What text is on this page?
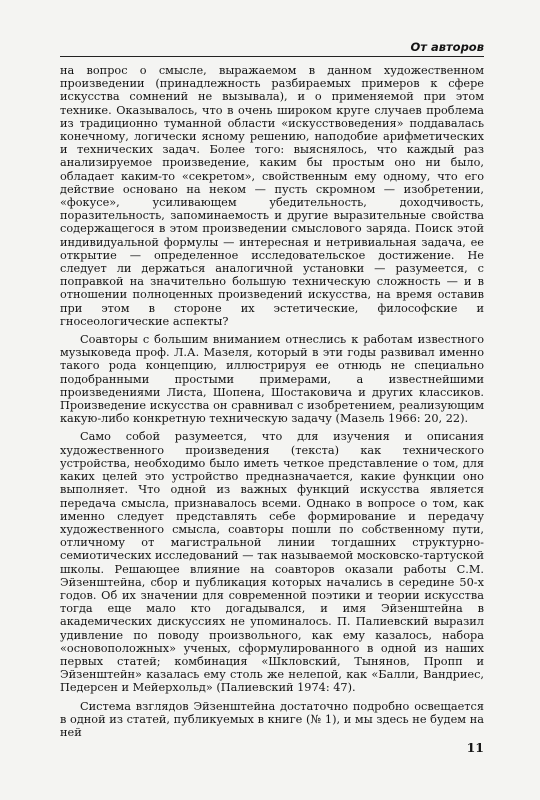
От авторов

на вопрос о смысле, выражаемом в данном художественном произведении (принадлежность разбираемых примеров к сфере искусства сомнений не вызывала), и о применяемой при этом технике. Оказывалось, что в очень широком круге случаев проблема из традиционно туманной области «искусствоведения» поддавалась конечному, логически ясному решению, наподобие арифметических и технических задач. Более того: выяснялось, что каждый раз анализируемое произведение, каким бы простым оно ни было, обладает каким-то «секретом», свойственным ему одному, что его действие основано на неком — пусть скромном — изобретении, «фокусе», усиливающем убедительность, доходчивость, поразительность, запоминаемость и другие выразительные свойства содержащегося в этом произведении смыслового заряда. Поиск этой индивидуальной формулы — интересная и нетривиальная задача, ее открытие — определенное исследовательское достижение. Не следует ли держаться аналогичной установки — разумеется, с поправкой на значительно большую техническую сложность — и в отношении полноценных произведений искусства, на время оставив при этом в стороне их эстетические, философские и гносеологические аспекты?

Соавторы с большим вниманием отнеслись к работам известного музыковеда проф. Л.А. Мазеля, который в эти годы развивал именно такого рода концепцию, иллюстрируя ее отнюдь не специально подобранными простыми примерами, а известнейшими произведениями Листа, Шопена, Шостаковича и других классиков. Произведение искусства он сравнивал с изобретением, реализующим какую-либо конкретную техническую задачу (Мазель 1966: 20, 22).

Само собой разумеется, что для изучения и описания художественного произведения (текста) как технического устройства, необходимо было иметь четкое представление о том, для каких целей это устройство предназначается, какие функции оно выполняет. Что одной из важных функций искусства является передача смысла, признавалось всеми. Однако в вопросе о том, как именно следует представлять себе формирование и передачу художественного смысла, соавторы пошли по собственному пути, отличному от магистральной линии тогдашних структурно-семиотических исследований — так называемой московско-тартуской школы. Решающее влияние на соавторов оказали работы С.М. Эйзенштейна, сбор и публикация которых начались в середине 50-х годов. Об их значении для современной поэтики и теории искусства тогда еще мало кто догадывался, и имя Эйзенштейна в академических дискуссиях не упоминалось. П. Палиевский выразил удивление по поводу произвольного, как ему казалось, набора «основоположных» ученых, сформулированного в одной из наших первых статей; комбинация «Шкловский, Тынянов, Пропп и Эйзенштейн» казалась ему столь же нелепой, как «Балли, Вандриес, Педерсен и Мейерхольд» (Палиевский 1974: 47).

Система взглядов Эйзенштейна достаточно подробно освещается в одной из статей, публикуемых в книге (№ 1), и мы здесь не будем на ней

11
